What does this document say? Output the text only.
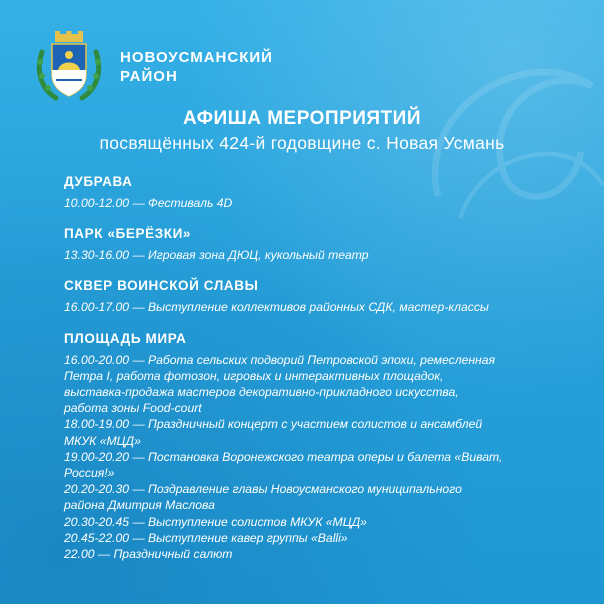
НОВОУСМАНСКИЙ
РАЙОН
АФИША МЕРОПРИЯТИЙ
посвящённых 424-й годовщине с. Новая Усмань
ДУБРАВА

10.00-12.00 — Фестиваль 4D

ПАРК «БЕРЁЗКИ»

13.30-16.00 — Игровая зона ДЮЦ, кукольный театр

СКВЕР ВОИНСКОЙ СЛАВЫ

16.00-17.00 — Выступление коллективов районных СДК, мастер-классы

ПЛОЩАДЬ МИРА

16.00-20.00 — Работа сельских подворий Петровской эпохи, ремесленная

Петра I, работа фотозон, игровых и интерактивных площадок,

выставка-продажа мастеров декоративно-прикладного искусства,

работа зоны Food-court

18.00-19.00 — Праздничный концерт с участием солистов и ансамблей

МКУК «МЦД»

19.00-20.20 — Постановка Воронежского театра оперы и балета «Виват,

Россия!»

20.20-20.30 — Поздравление главы Новоусманского муниципального

района Дмитрия Маслова

20.30-20.45 — Выступление солистов МКУК «МЦД»

20.45-22.00 — Выступление кавер группы «Balli»

22.00 — Праздничный салют
